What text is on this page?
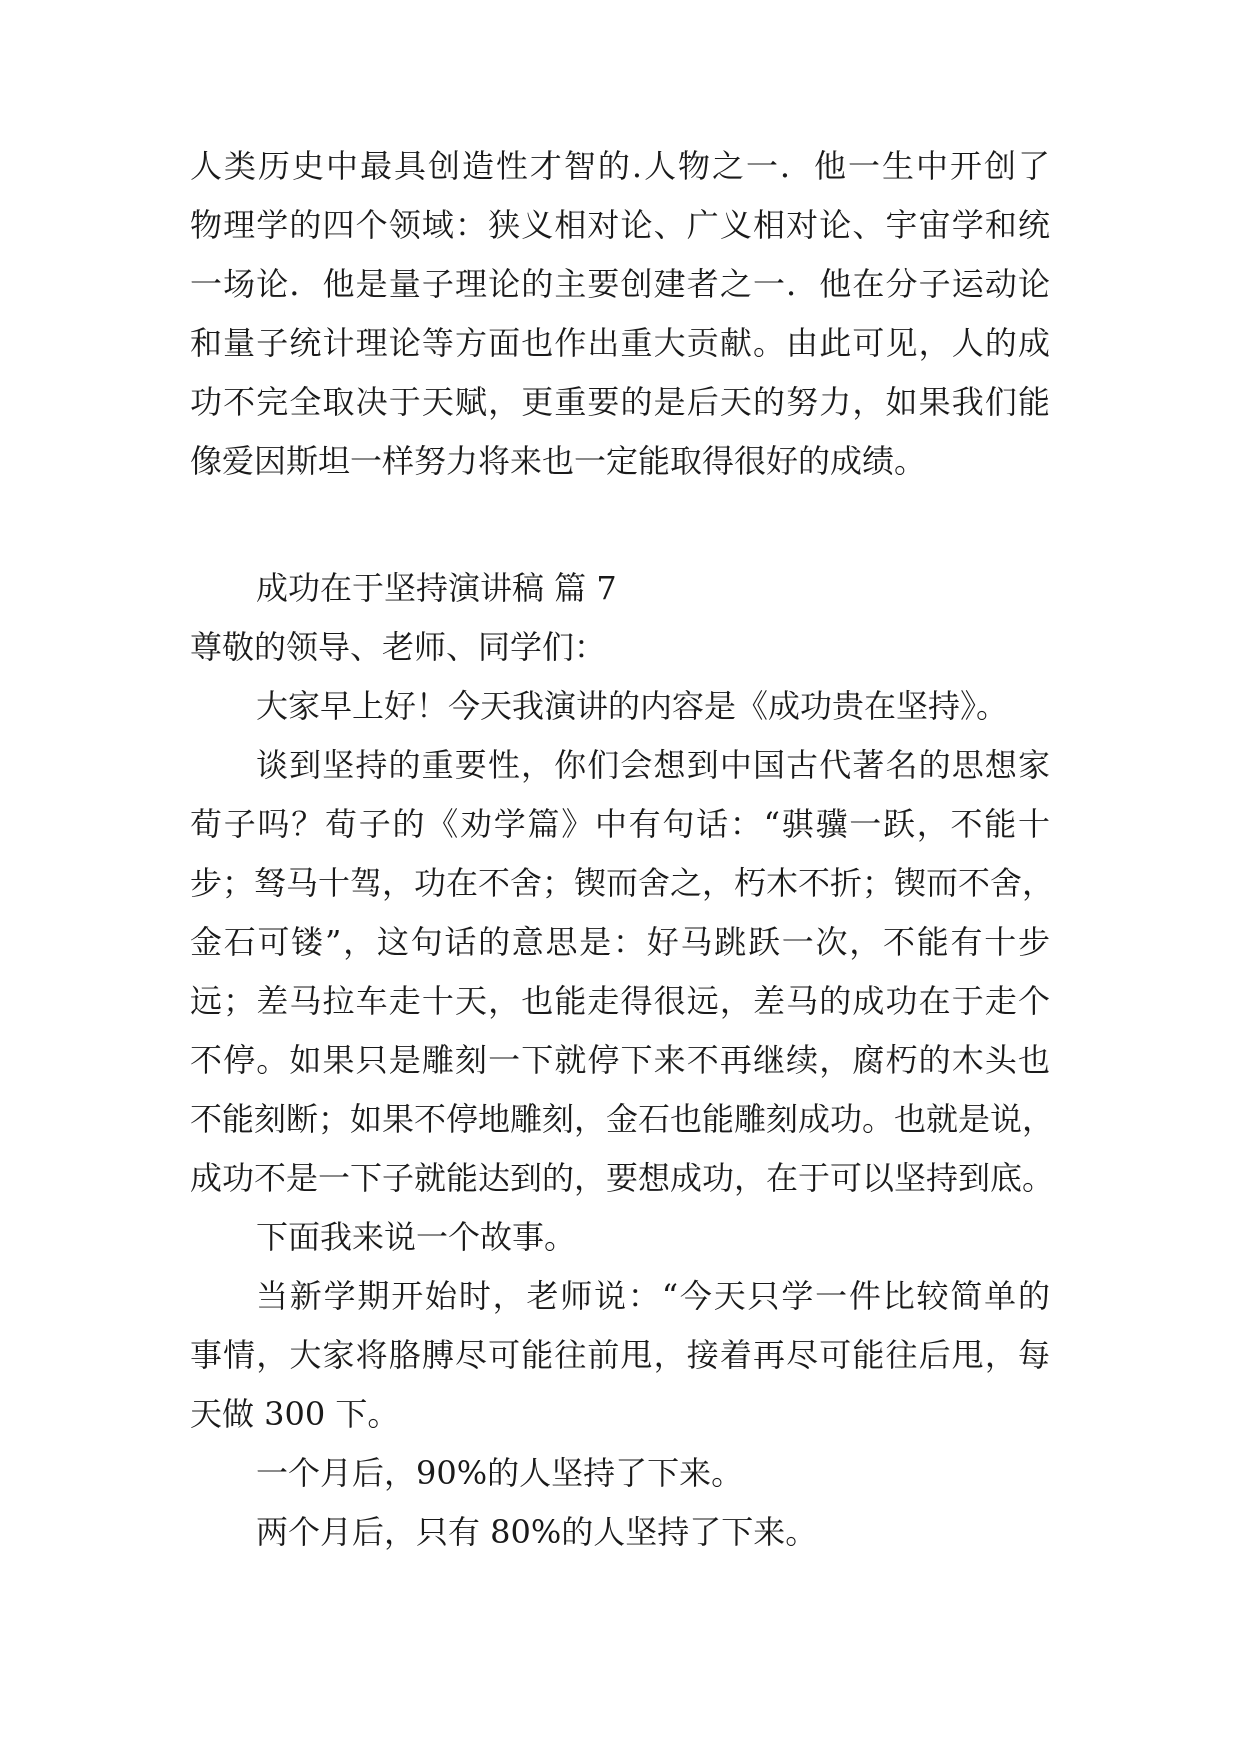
人类历史中最具创造性才智的.人物之一．他一生中开创了
物理学的四个领域：狭义相对论、广义相对论、宇宙学和统
一场论．他是量子理论的主要创建者之一．他在分子运动论
和量子统计理论等方面也作出重大贡献。由此可见，人的成
功不完全取决于天赋，更重要的是后天的努力，如果我们能
像爱因斯坦一样努力将来也一定能取得很好的成绩。
成功在于坚持演讲稿 篇 7
尊敬的领导、老师、同学们：
大家早上好！今天我演讲的内容是《成功贵在坚持》。
谈到坚持的重要性，你们会想到中国古代著名的思想家
荀子吗？荀子的《劝学篇》中有句话：“骐骥一跃，不能十
步；驽马十驾，功在不舍；锲而舍之，朽木不折；锲而不舍，
金石可镂”，这句话的意思是：好马跳跃一次，不能有十步
远；差马拉车走十天，也能走得很远，差马的成功在于走个
不停。如果只是雕刻一下就停下来不再继续，腐朽的木头也
不能刻断；如果不停地雕刻，金石也能雕刻成功。也就是说，
成功不是一下子就能达到的，要想成功，在于可以坚持到底。
下面我来说一个故事。
当新学期开始时，老师说：“今天只学一件比较简单的
事情，大家将胳膊尽可能往前甩，接着再尽可能往后甩，每
天做 300 下。
一个月后，90%的人坚持了下来。
两个月后，只有 80%的人坚持了下来。
